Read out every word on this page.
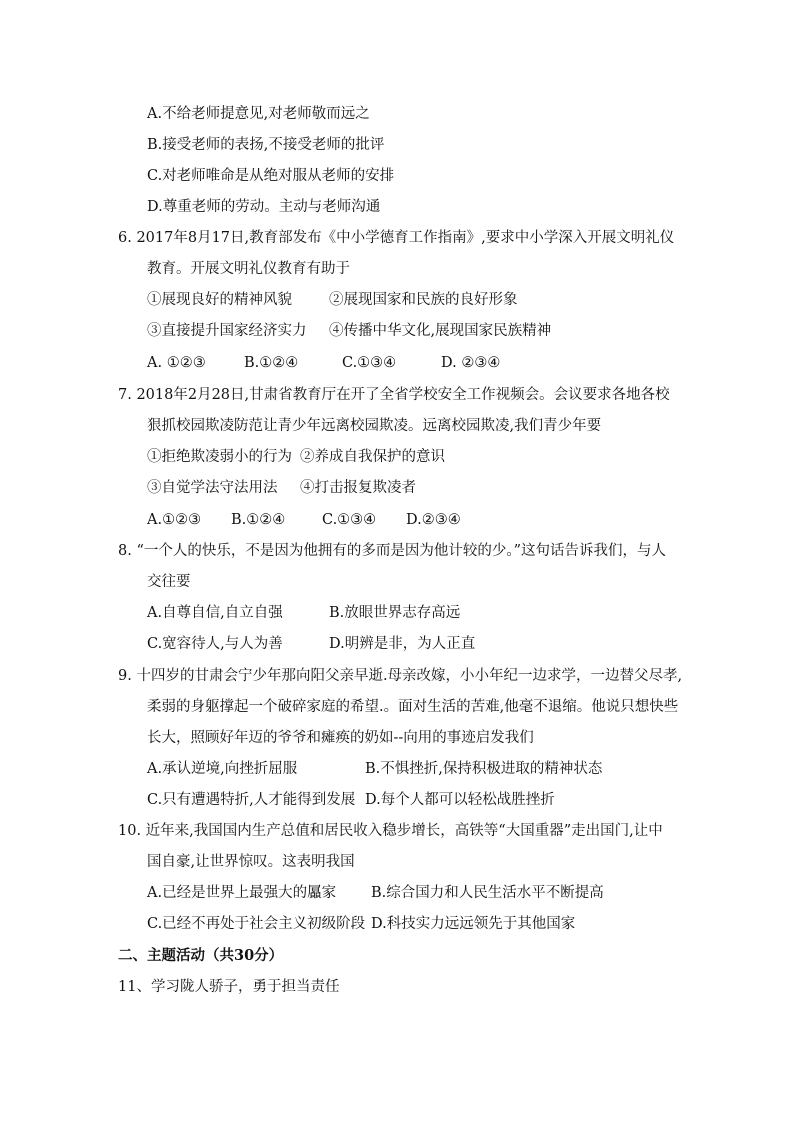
A.不给老师提意见,对老师敬而远之
B.接受老师的表扬,不接受老师的批评
C.对老师唯命是从绝对服从老师的安排
D.尊重老师的劳动。主动与老师沟通
6. 2017年8月17日,教育部发布《中小学德育工作指南》,要求中小学深入开展文明礼仪
教育。开展文明礼仪教育有助于
①展现良好的精神风貌	②展现国家和民族的良好形象
③直接提升国家经济实力 ④传播中华文化,展现国家民族精神
A. ①②③	B.①②④	C.①③④	D. ②③④
7. 2018年2月28日,甘肃省教育厅在开了全省学校安全工作视频会。会议要求各地各校
狠抓校园欺凌防范让青少年远离校园欺凌。远离校园欺凌,我们青少年要
①拒绝欺凌弱小的行为 ②养成自我保护的意识
③自觉学法守法用法 ④打击报复欺凌者
A.①②③ B.①②④	C.①③④ D.②③④
8. “一个人的快乐，不是因为他拥有的多而是因为他计较的少。”这句话告诉我们，与人
交往要
A.自尊自信,自立自强	B.放眼世界志存高远
C.宽容待人,与人为善	D.明辨是非，为人正直
9. 十四岁的甘肃会宁少年那向阳父亲早逝.母亲改嫁，小小年纪一边求学，一边替父尽孝,
柔弱的身躯撑起一个破碎家庭的希望.。面对生活的苦难,他毫不退缩。他说只想快些
长大，照顾好年迈的爷爷和瘫痪的奶如--向用的事迹启发我们
A.承认逆境,向挫折屈服	B.不惧挫折,保持积极进取的精神状态
C.只有遭遇特折,人才能得到发展 D.每个人都可以轻松战胜挫折
10. 近年来,我国国内生产总值和居民收入稳步增长，高铁等“大国重器”走出国门,让中
国自豪,让世界惊叹。这表明我国
A.已经是世界上最强大的屭家 B.综合国力和人民生活水平不断提高
C.已经不再处于社会主义初级阶段 D.科技实力远远领先于其他国家
二、主题活动（共30分）
11、学习陇人骄子，勇于担当责任
